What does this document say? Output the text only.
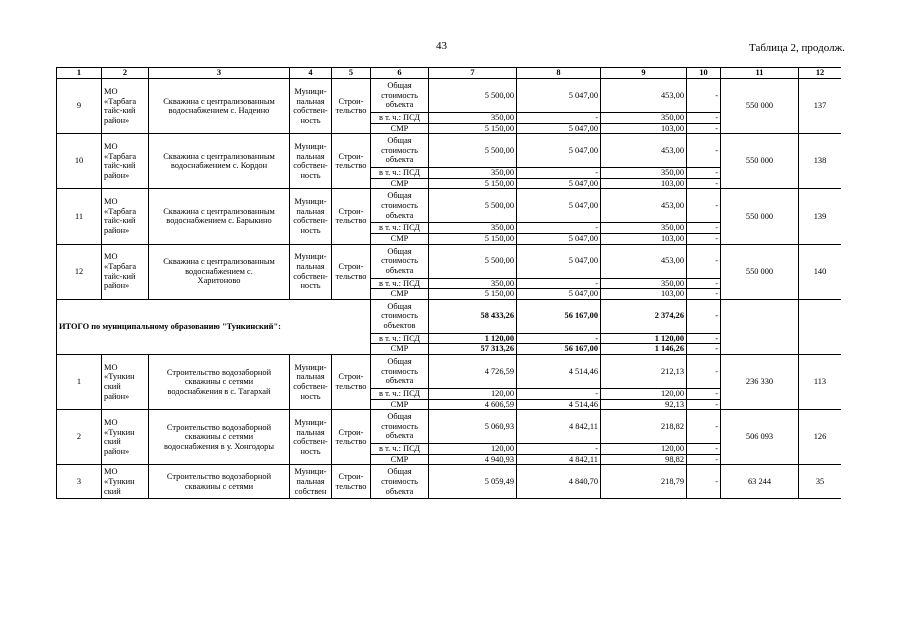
43	Таблица 2, продолж.
1	2	3	4	5	6	7	8	9	10	11	12
9	МО
«Тарбага
тайс-кий
район»	Скважина с централизованным
водоснабжением с. Надеино	Муници-
пальная
собствен-
ность	Строи-
тельство	Общая
стоимость
объекта	5 500,00	5 047,00	453,00	-	550 000	137
					в т. ч.: ПСД	350,00	-	350,00	-		
					СМР	5 150,00	5 047,00	103,00	-		
10	МО
«Тарбага
тайс-кий
район»	Скважина с централизованным
водоснабжением с. Кордон	Муници-
пальная
собствен-
ность	Строи-
тельство	Общая
стоимость
объекта	5 500,00	5 047,00	453,00	-	550 000	138
					в т. ч.: ПСД	350,00	-	350,00	-		
					СМР	5 150,00	5 047,00	103,00	-		
11	МО
«Тарбага
тайс-кий
район»	Скважина с централизованным
водоснабжением с. Барыкино	Муници-
пальная
собствен-
ность	Строи-
тельство	Общая
стоимость
объекта	5 500,00	5 047,00	453,00	-	550 000	139
					в т. ч.: ПСД	350,00	-	350,00	-		
					СМР	5 150,00	5 047,00	103,00	-		
12	МО
«Тарбага
тайс-кий
район»	Скважина с централизованным
водоснабжением с.
Харитоново	Муници-
пальная
собствен-
ность	Строи-
тельство	Общая
стоимость
объекта	5 500,00	5 047,00	453,00	-	550 000	140
					в т. ч.: ПСД	350,00	-	350,00	-		
					СМР	5 150,00	5 047,00	103,00	-		
ИТОГО по муниципальному образованию "Тункинский":					Общая
стоимость
объектов	58 433,26	56 167,00	2 374,26	-		
					в т. ч.: ПСД	1 120,00	-	1 120,00	-		
					СМР	57 313,26	56 167,00	1 146,26	-		
1	МО
«Тункин
ский
район»	Строительство водозаборной
скважины с сетями
водоснабжения в с. Тагархай	Муници-
пальная
собствен-
ность	Строи-
тельство	Общая
стоимость
объекта	4 726,59	4 514,46	212,13	-	236 330	113
					в т. ч.: ПСД	120,00	-	120,00	-		
					СМР	4 606,59	4 514,46	92,13	-		
2	МО
«Тункин
ский
район»	Строительство водозаборной
скважины с сетями
водоснабжения в у. Хонгодоры	Муници-
пальная
собствен-
ность	Строи-
тельство	Общая
стоимость
объекта	5 060,93	4 842,11	218,82	-	506 093	126
					в т. ч.: ПСД	120,00	-	120,00	-		
					СМР	4 940,93	4 842,11	98,82	-		
3	МО
«Тункин
ский	Строительство водозаборной
скважины с сетями	Муници-
пальная
собствен	Строи-
тельство	Общая
стоимость
объекта	5 059,49	4 840,70	218,79	-	63 244	35
